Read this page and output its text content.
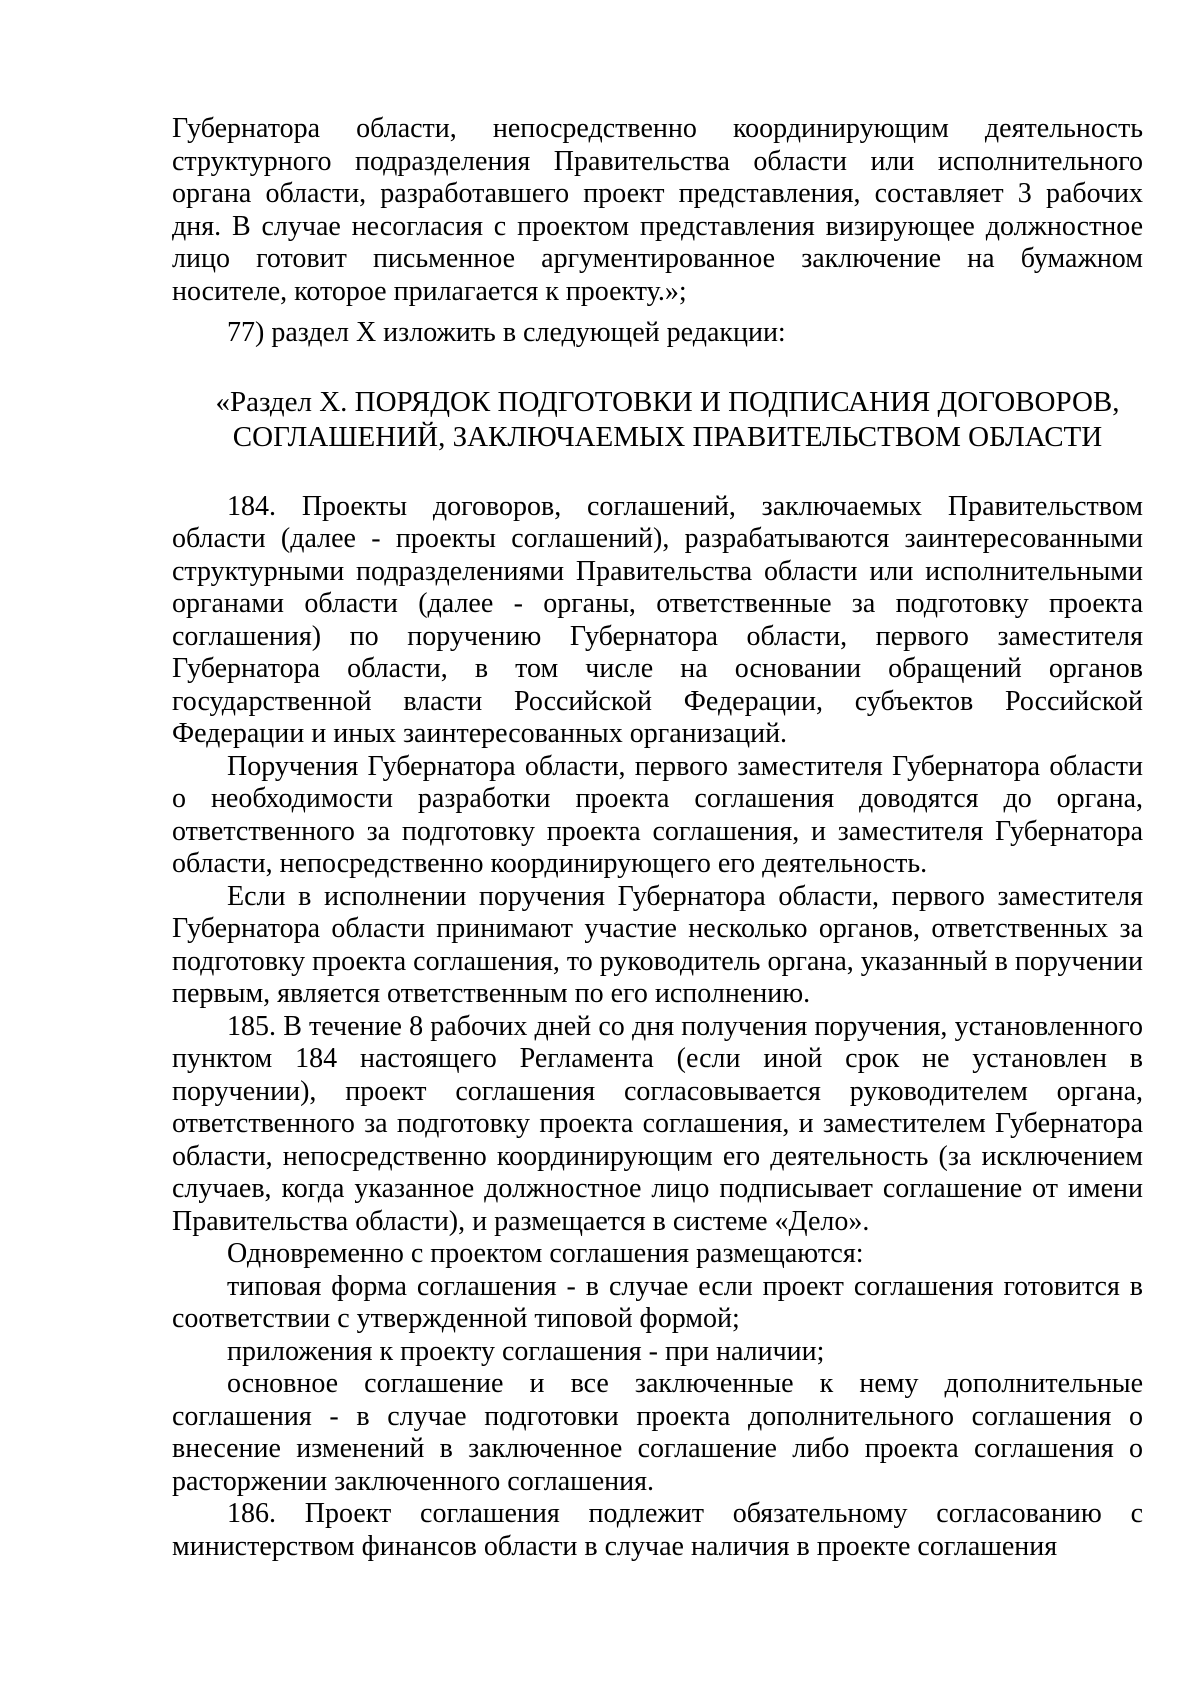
Губернатора области, непосредственно координирующим деятельность структурного подразделения Правительства области или исполнительного органа области, разработавшего проект представления, составляет 3 рабочих дня. В случае несогласия с проектом представления визирующее должностное лицо готовит письменное аргументированное заключение на бумажном носителе, которое прилагается к проекту.»;

77) раздел X изложить в следующей редакции:

«Раздел X. ПОРЯДОК ПОДГОТОВКИ И ПОДПИСАНИЯ ДОГОВОРОВ,
СОГЛАШЕНИЙ, ЗАКЛЮЧАЕМЫХ ПРАВИТЕЛЬСТВОМ ОБЛАСТИ

184. Проекты договоров, соглашений, заключаемых Правительством области (далее - проекты соглашений), разрабатываются заинтересованными структурными подразделениями Правительства области или исполнительными органами области (далее - органы, ответственные за подготовку проекта соглашения) по поручению Губернатора области, первого заместителя Губернатора области, в том числе на основании обращений органов государственной власти Российской Федерации, субъектов Российской Федерации и иных заинтересованных организаций.

Поручения Губернатора области, первого заместителя Губернатора области о необходимости разработки проекта соглашения доводятся до органа, ответственного за подготовку проекта соглашения, и заместителя Губернатора области, непосредственно координирующего его деятельность.

Если в исполнении поручения Губернатора области, первого заместителя Губернатора области принимают участие несколько органов, ответственных за подготовку проекта соглашения, то руководитель органа, указанный в поручении первым, является ответственным по его исполнению.

185. В течение 8 рабочих дней со дня получения поручения, установленного пунктом 184 настоящего Регламента (если иной срок не установлен в поручении), проект соглашения согласовывается руководителем органа, ответственного за подготовку проекта соглашения, и заместителем Губернатора области, непосредственно координирующим его деятельность (за исключением случаев, когда указанное должностное лицо подписывает соглашение от имени Правительства области), и размещается в системе «Дело».

Одновременно с проектом соглашения размещаются:

типовая форма соглашения - в случае если проект соглашения готовится в соответствии с утвержденной типовой формой;

приложения к проекту соглашения - при наличии;

основное соглашение и все заключенные к нему дополнительные соглашения - в случае подготовки проекта дополнительного соглашения о внесение изменений в заключенное соглашение либо проекта соглашения о расторжении заключенного соглашения.

186. Проект соглашения подлежит обязательному согласованию с министерством финансов области в случае наличия в проекте соглашения
